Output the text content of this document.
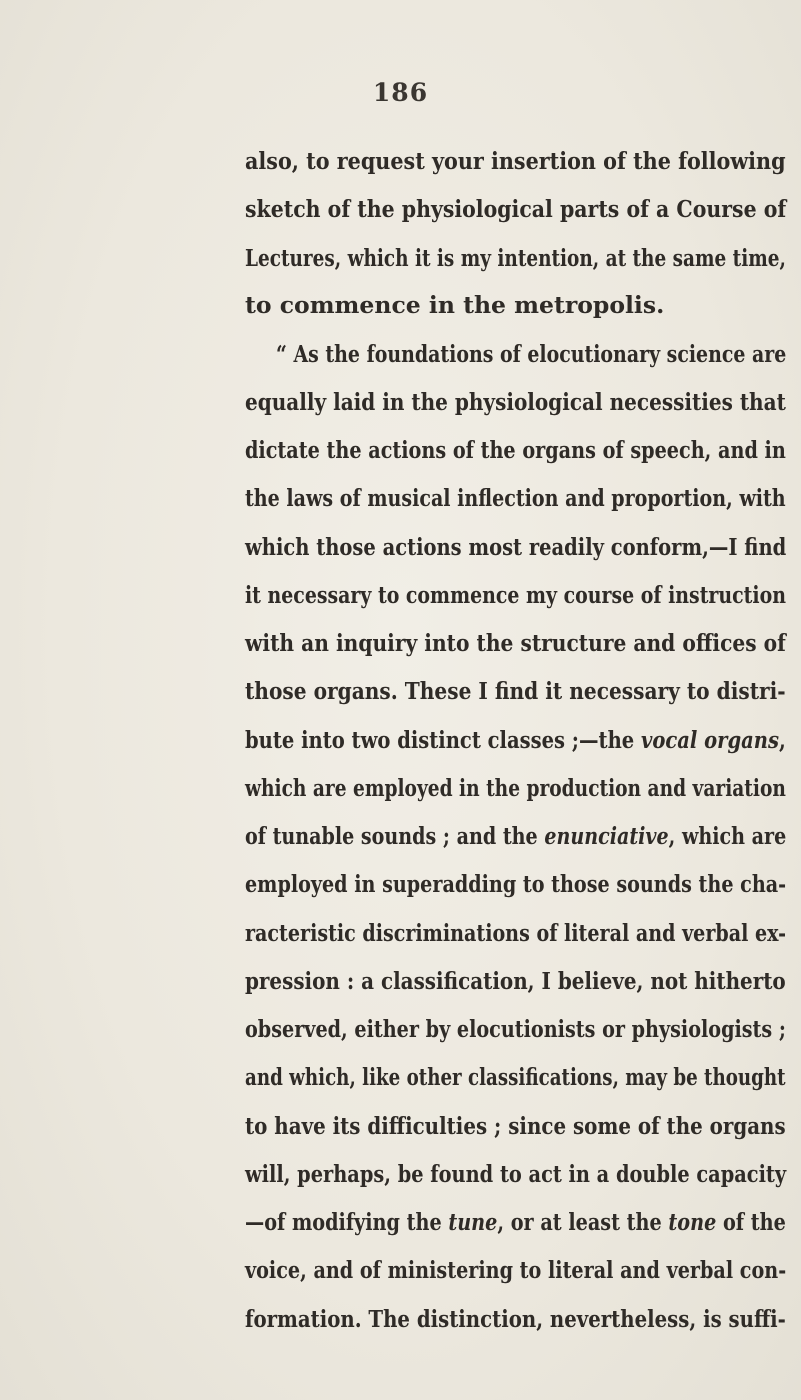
186
also, to request your insertion of the following
sketch of the physiological parts of a Course of
Lectures, which it is my intention, at the same time,
to commence in the metropolis.
“ As the foundations of elocutionary science are
equally laid in the physiological necessities that
dictate the actions of the organs of speech, and in
the laws of musical inflection and proportion, with
which those actions most readily conform,—I find
it necessary to commence my course of instruction
with an inquiry into the structure and offices of
those organs. These I find it necessary to distri-
bute into two distinct classes ;—the vocal organs,
which are employed in the production and variation
of tunable sounds ; and the enunciative, which are
employed in superadding to those sounds the cha-
racteristic discriminations of literal and verbal ex-
pression : a classification, I believe, not hitherto
observed, either by elocutionists or physiologists ;
and which, like other classifications, may be thought
to have its difficulties ; since some of the organs
will, perhaps, be found to act in a double capacity
—of modifying the tune, or at least the tone of the
voice, and of ministering to literal and verbal con-
formation. The distinction, nevertheless, is suffi-
